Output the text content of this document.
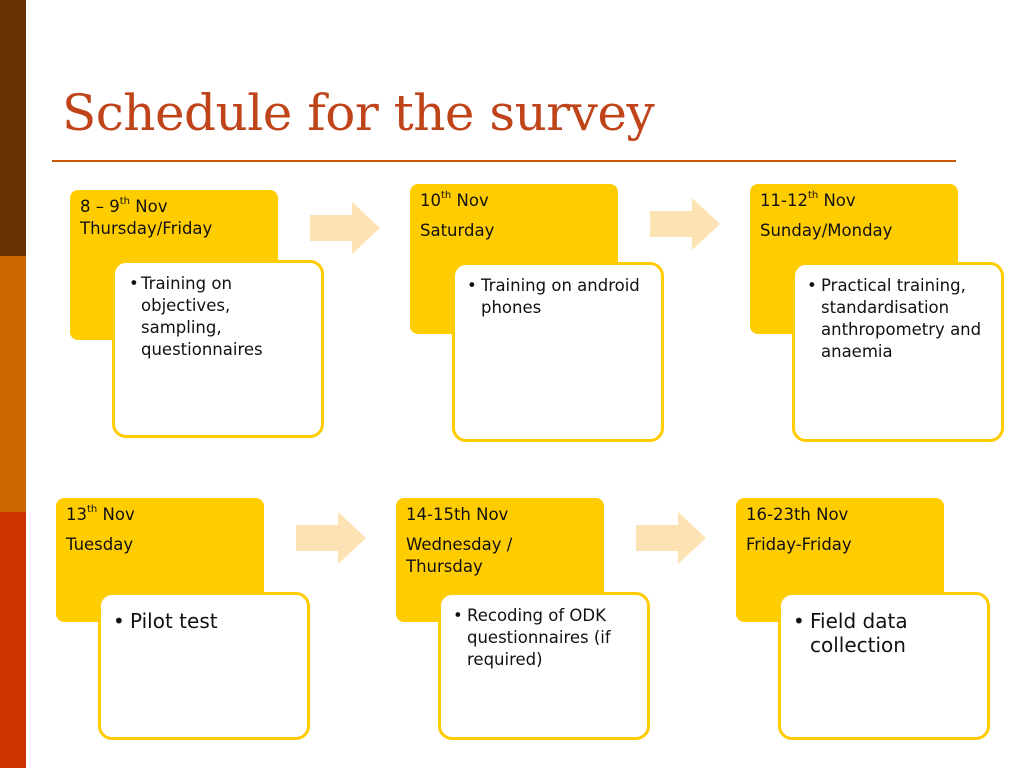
Schedule for the survey
8 – 9th Nov
Thursday/Friday
• Training on objectives, sampling, questionnaires
10th Nov
Saturday
• Training on android phones
11-12th Nov
Sunday/Monday
• Practical training, standardisation anthropometry and anaemia
13th Nov
Tuesday
• Pilot test
14-15th Nov
Wednesday / Thursday
• Recoding of ODK questionnaires (if required)
16-23th Nov
Friday-Friday
• Field data collection
